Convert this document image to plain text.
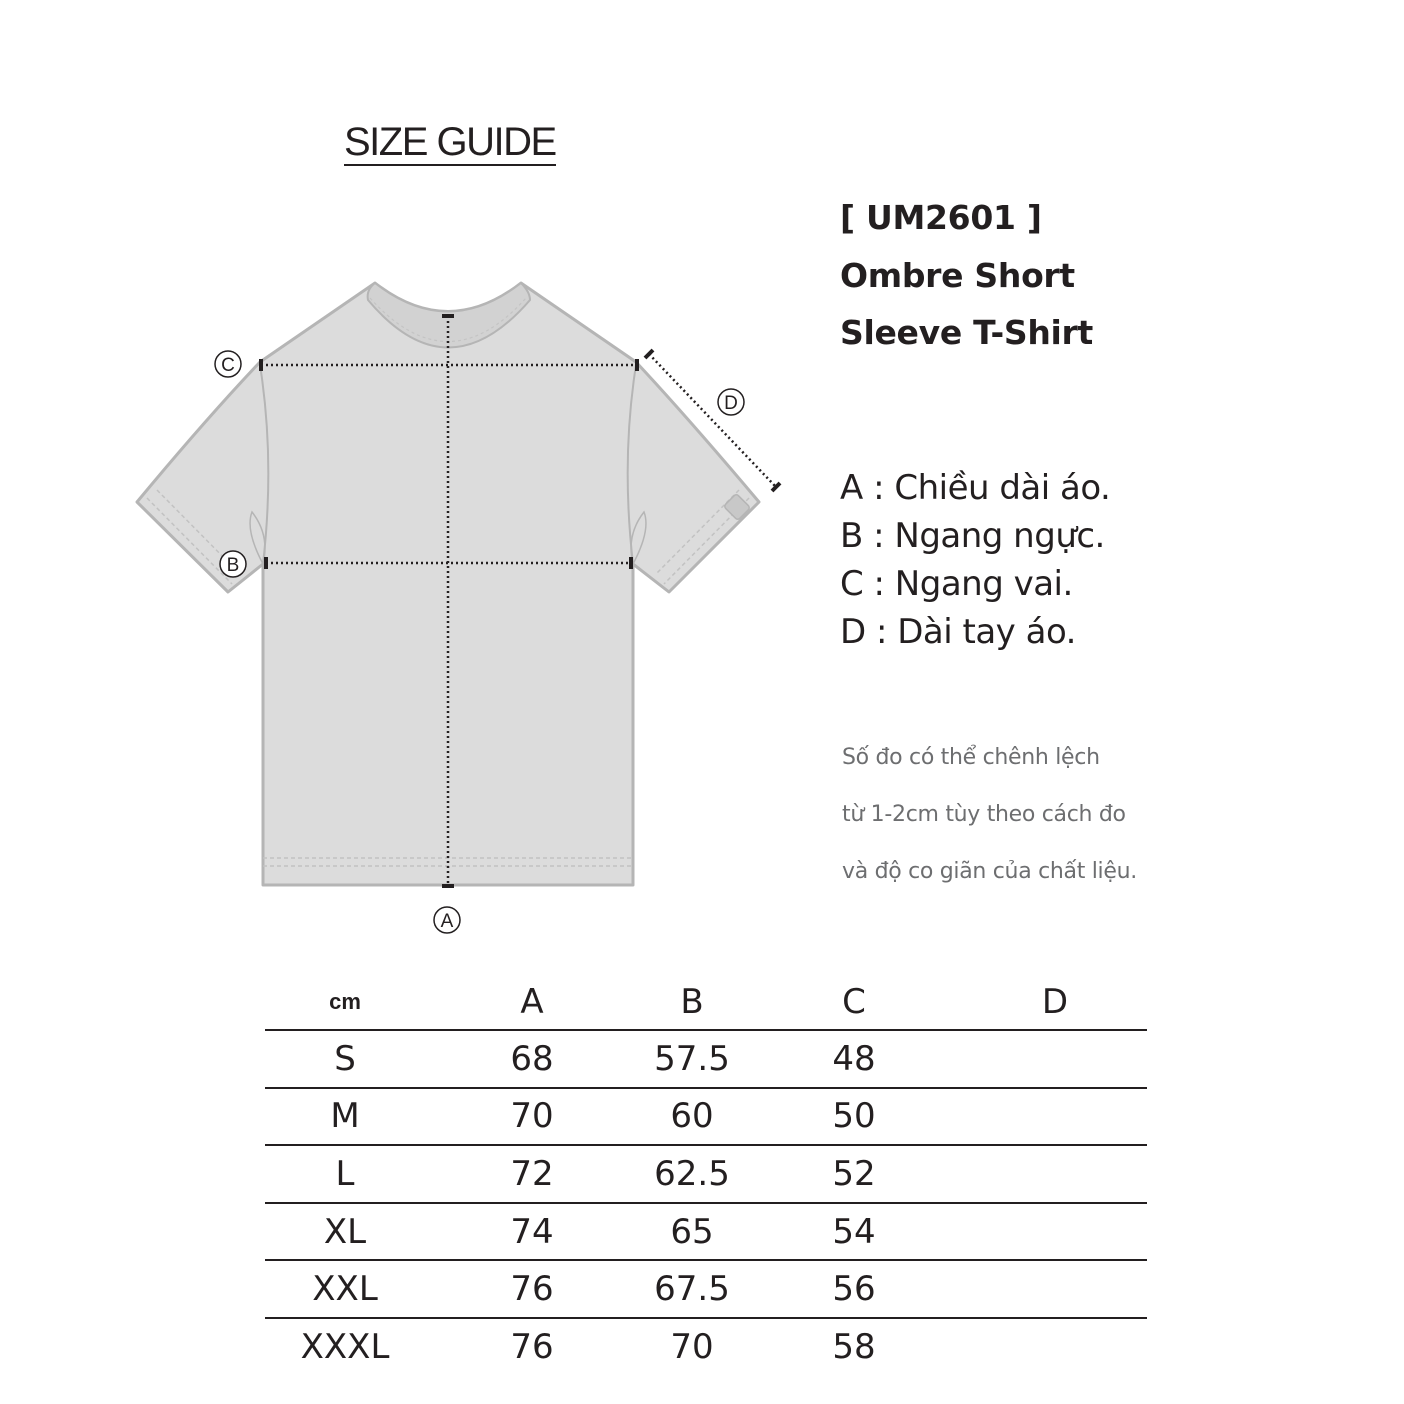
SIZE GUIDE
[ UM2601 ]
Ombre Short
Sleeve T-Shirt
A : Chiều dài áo.
B : Ngang ngực.
C : Ngang vai.
D : Dài tay áo.
Số đo có thể chênh lệch
từ 1-2cm tùy theo cách đo
và độ co giãn của chất liệu.
C
B
A
D
cm	A	B	C	D
S	68	57.5	48	
M	70	60	50	
L	72	62.5	52	
XL	74	65	54	
XXL	76	67.5	56	
XXXL	76	70	58	
